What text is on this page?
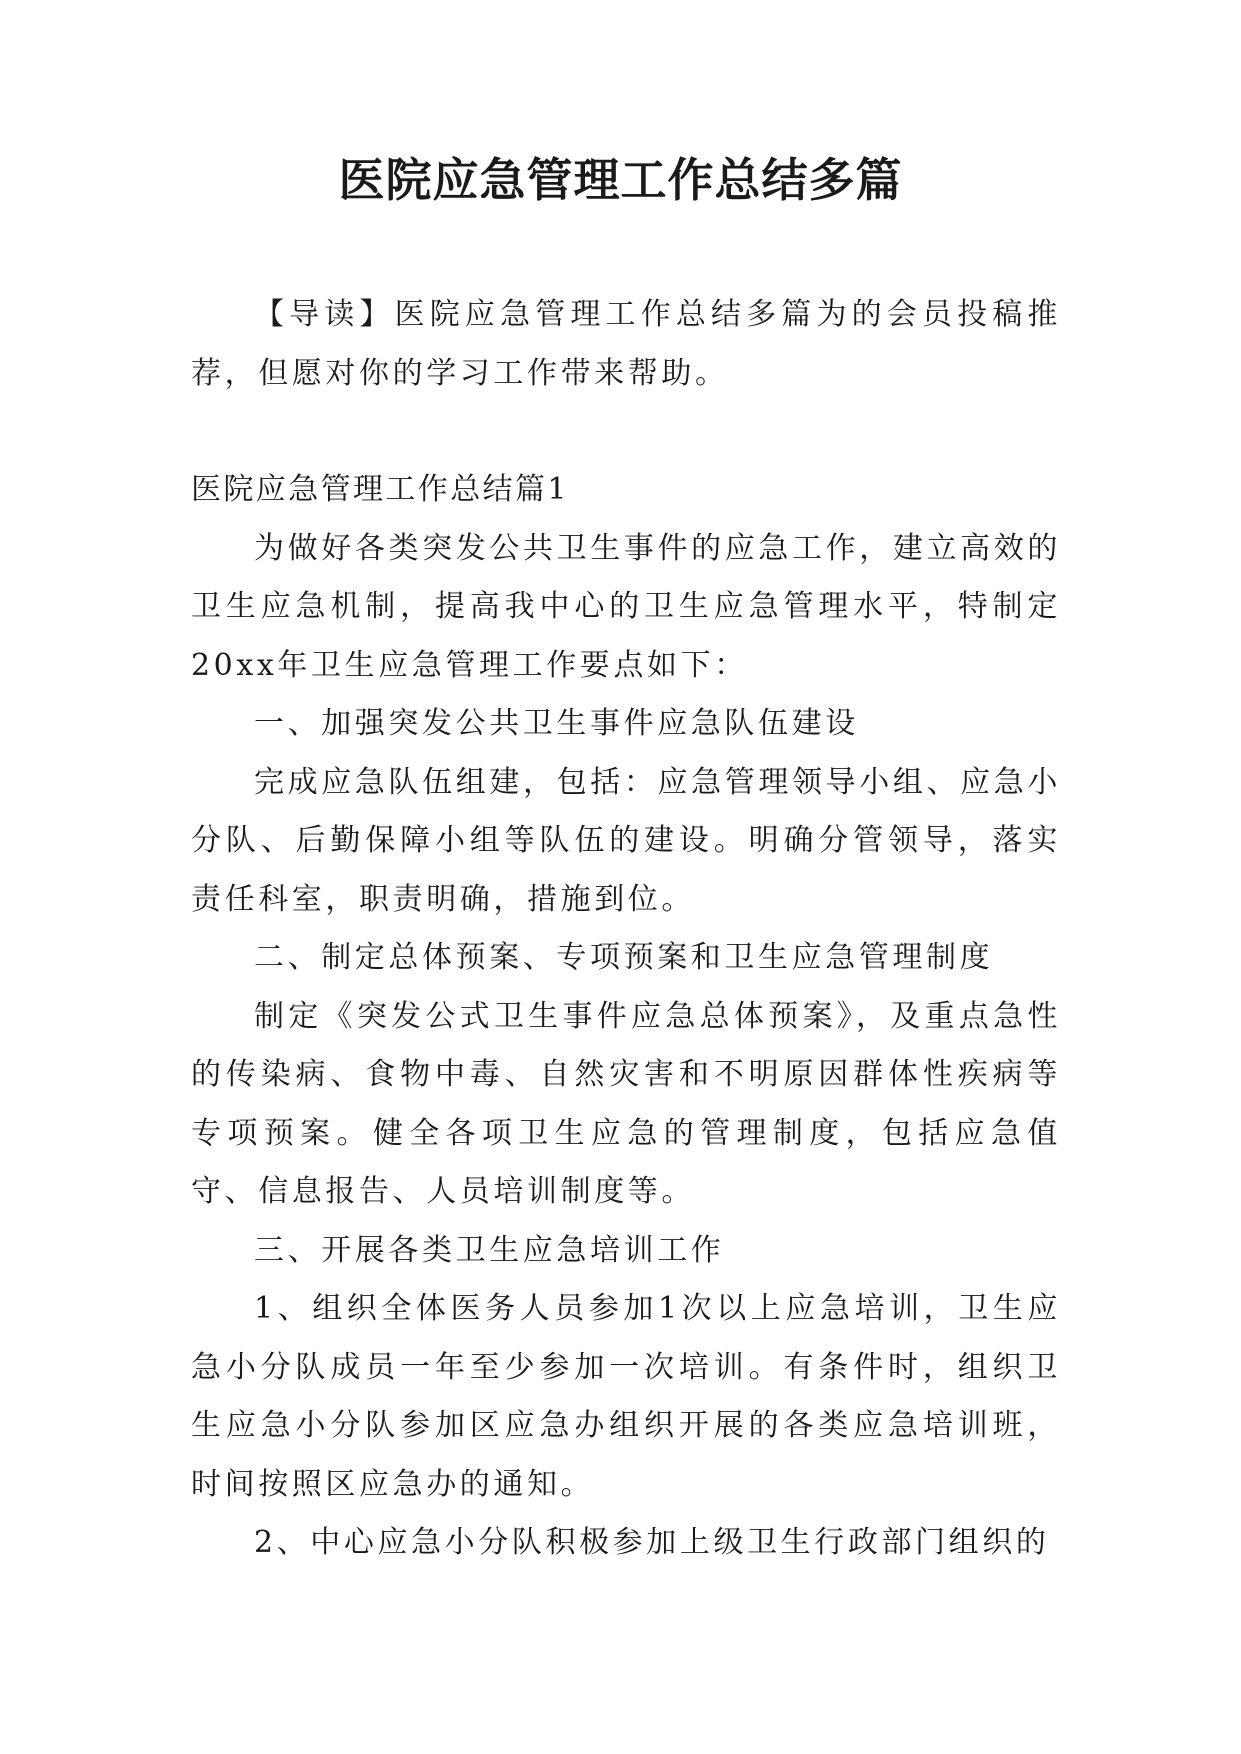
医院应急管理工作总结多篇

【导读】医院应急管理工作总结多篇为的会员投稿推荐，但愿对你的学习工作带来帮助。

医院应急管理工作总结篇1

为做好各类突发公共卫生事件的应急工作，建立高效的卫生应急机制，提高我中心的卫生应急管理水平，特制定20xx年卫生应急管理工作要点如下：

一、加强突发公共卫生事件应急队伍建设

完成应急队伍组建，包括：应急管理领导小组、应急小分队、后勤保障小组等队伍的建设。明确分管领导，落实责任科室，职责明确，措施到位。

二、制定总体预案、专项预案和卫生应急管理制度

制定《突发公式卫生事件应急总体预案》，及重点急性的传染病、食物中毒、自然灾害和不明原因群体性疾病等专项预案。健全各项卫生应急的管理制度，包括应急值守、信息报告、人员培训制度等。

三、开展各类卫生应急培训工作

1、组织全体医务人员参加1次以上应急培训，卫生应急小分队成员一年至少参加一次培训。有条件时，组织卫生应急小分队参加区应急办组织开展的各类应急培训班，时间按照区应急办的通知。

2、中心应急小分队积极参加上级卫生行政部门组织的
